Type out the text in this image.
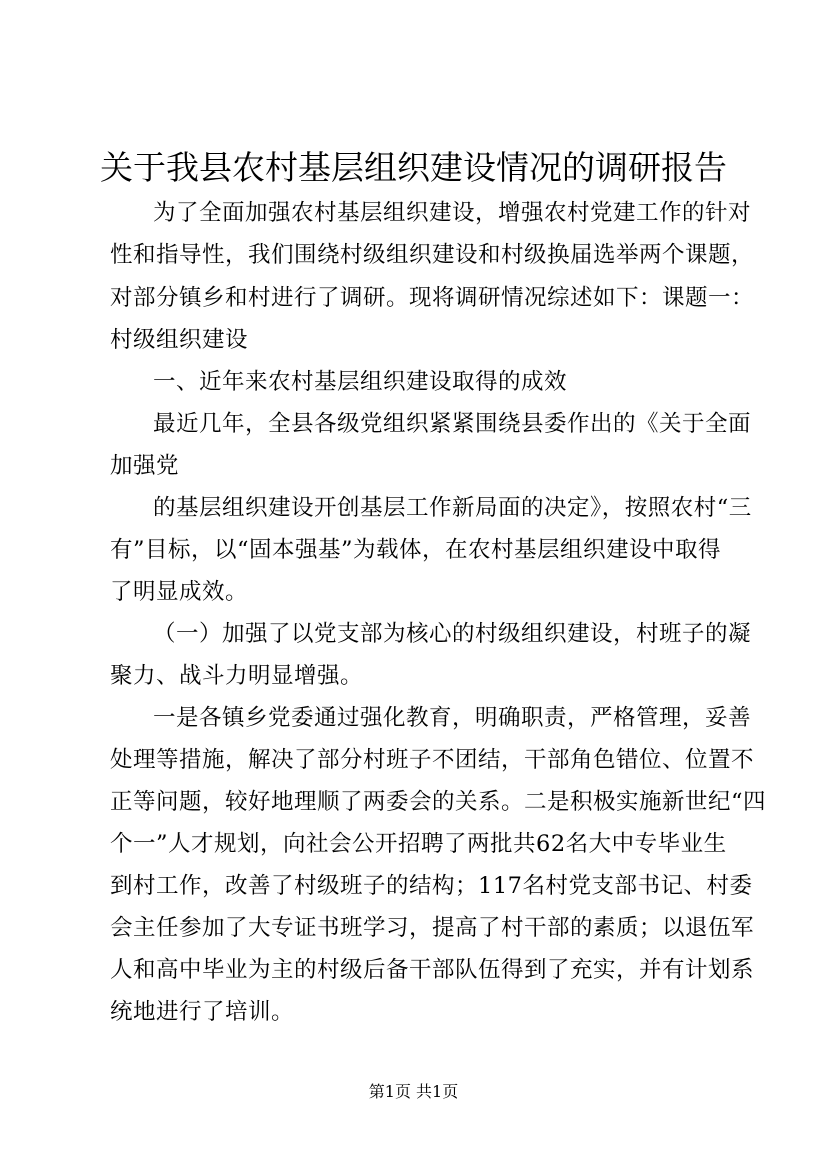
关于我县农村基层组织建设情况的调研报告

为了全面加强农村基层组织建设，增强农村党建工作的针对

性和指导性，我们围绕村级组织建设和村级换届选举两个课题，

对部分镇乡和村进行了调研。现将调研情况综述如下：课题一：

村级组织建设

一、近年来农村基层组织建设取得的成效

最近几年，全县各级党组织紧紧围绕县委作出的《关于全面

加强党

的基层组织建设开创基层工作新局面的决定》，按照农村“三

有”目标，以“固本强基”为载体，在农村基层组织建设中取得

了明显成效。

（一）加强了以党支部为核心的村级组织建设，村班子的凝

聚力、战斗力明显增强。

一是各镇乡党委通过强化教育，明确职责，严格管理，妥善

处理等措施，解决了部分村班子不团结，干部角色错位、位置不

正等问题，较好地理顺了两委会的关系。二是积极实施新世纪“四

个一”人才规划，向社会公开招聘了两批共62名大中专毕业生

到村工作，改善了村级班子的结构；117名村党支部书记、村委

会主任参加了大专证书班学习，提高了村干部的素质；以退伍军

人和高中毕业为主的村级后备干部队伍得到了充实，并有计划系

统地进行了培训。

第1页 共1页
